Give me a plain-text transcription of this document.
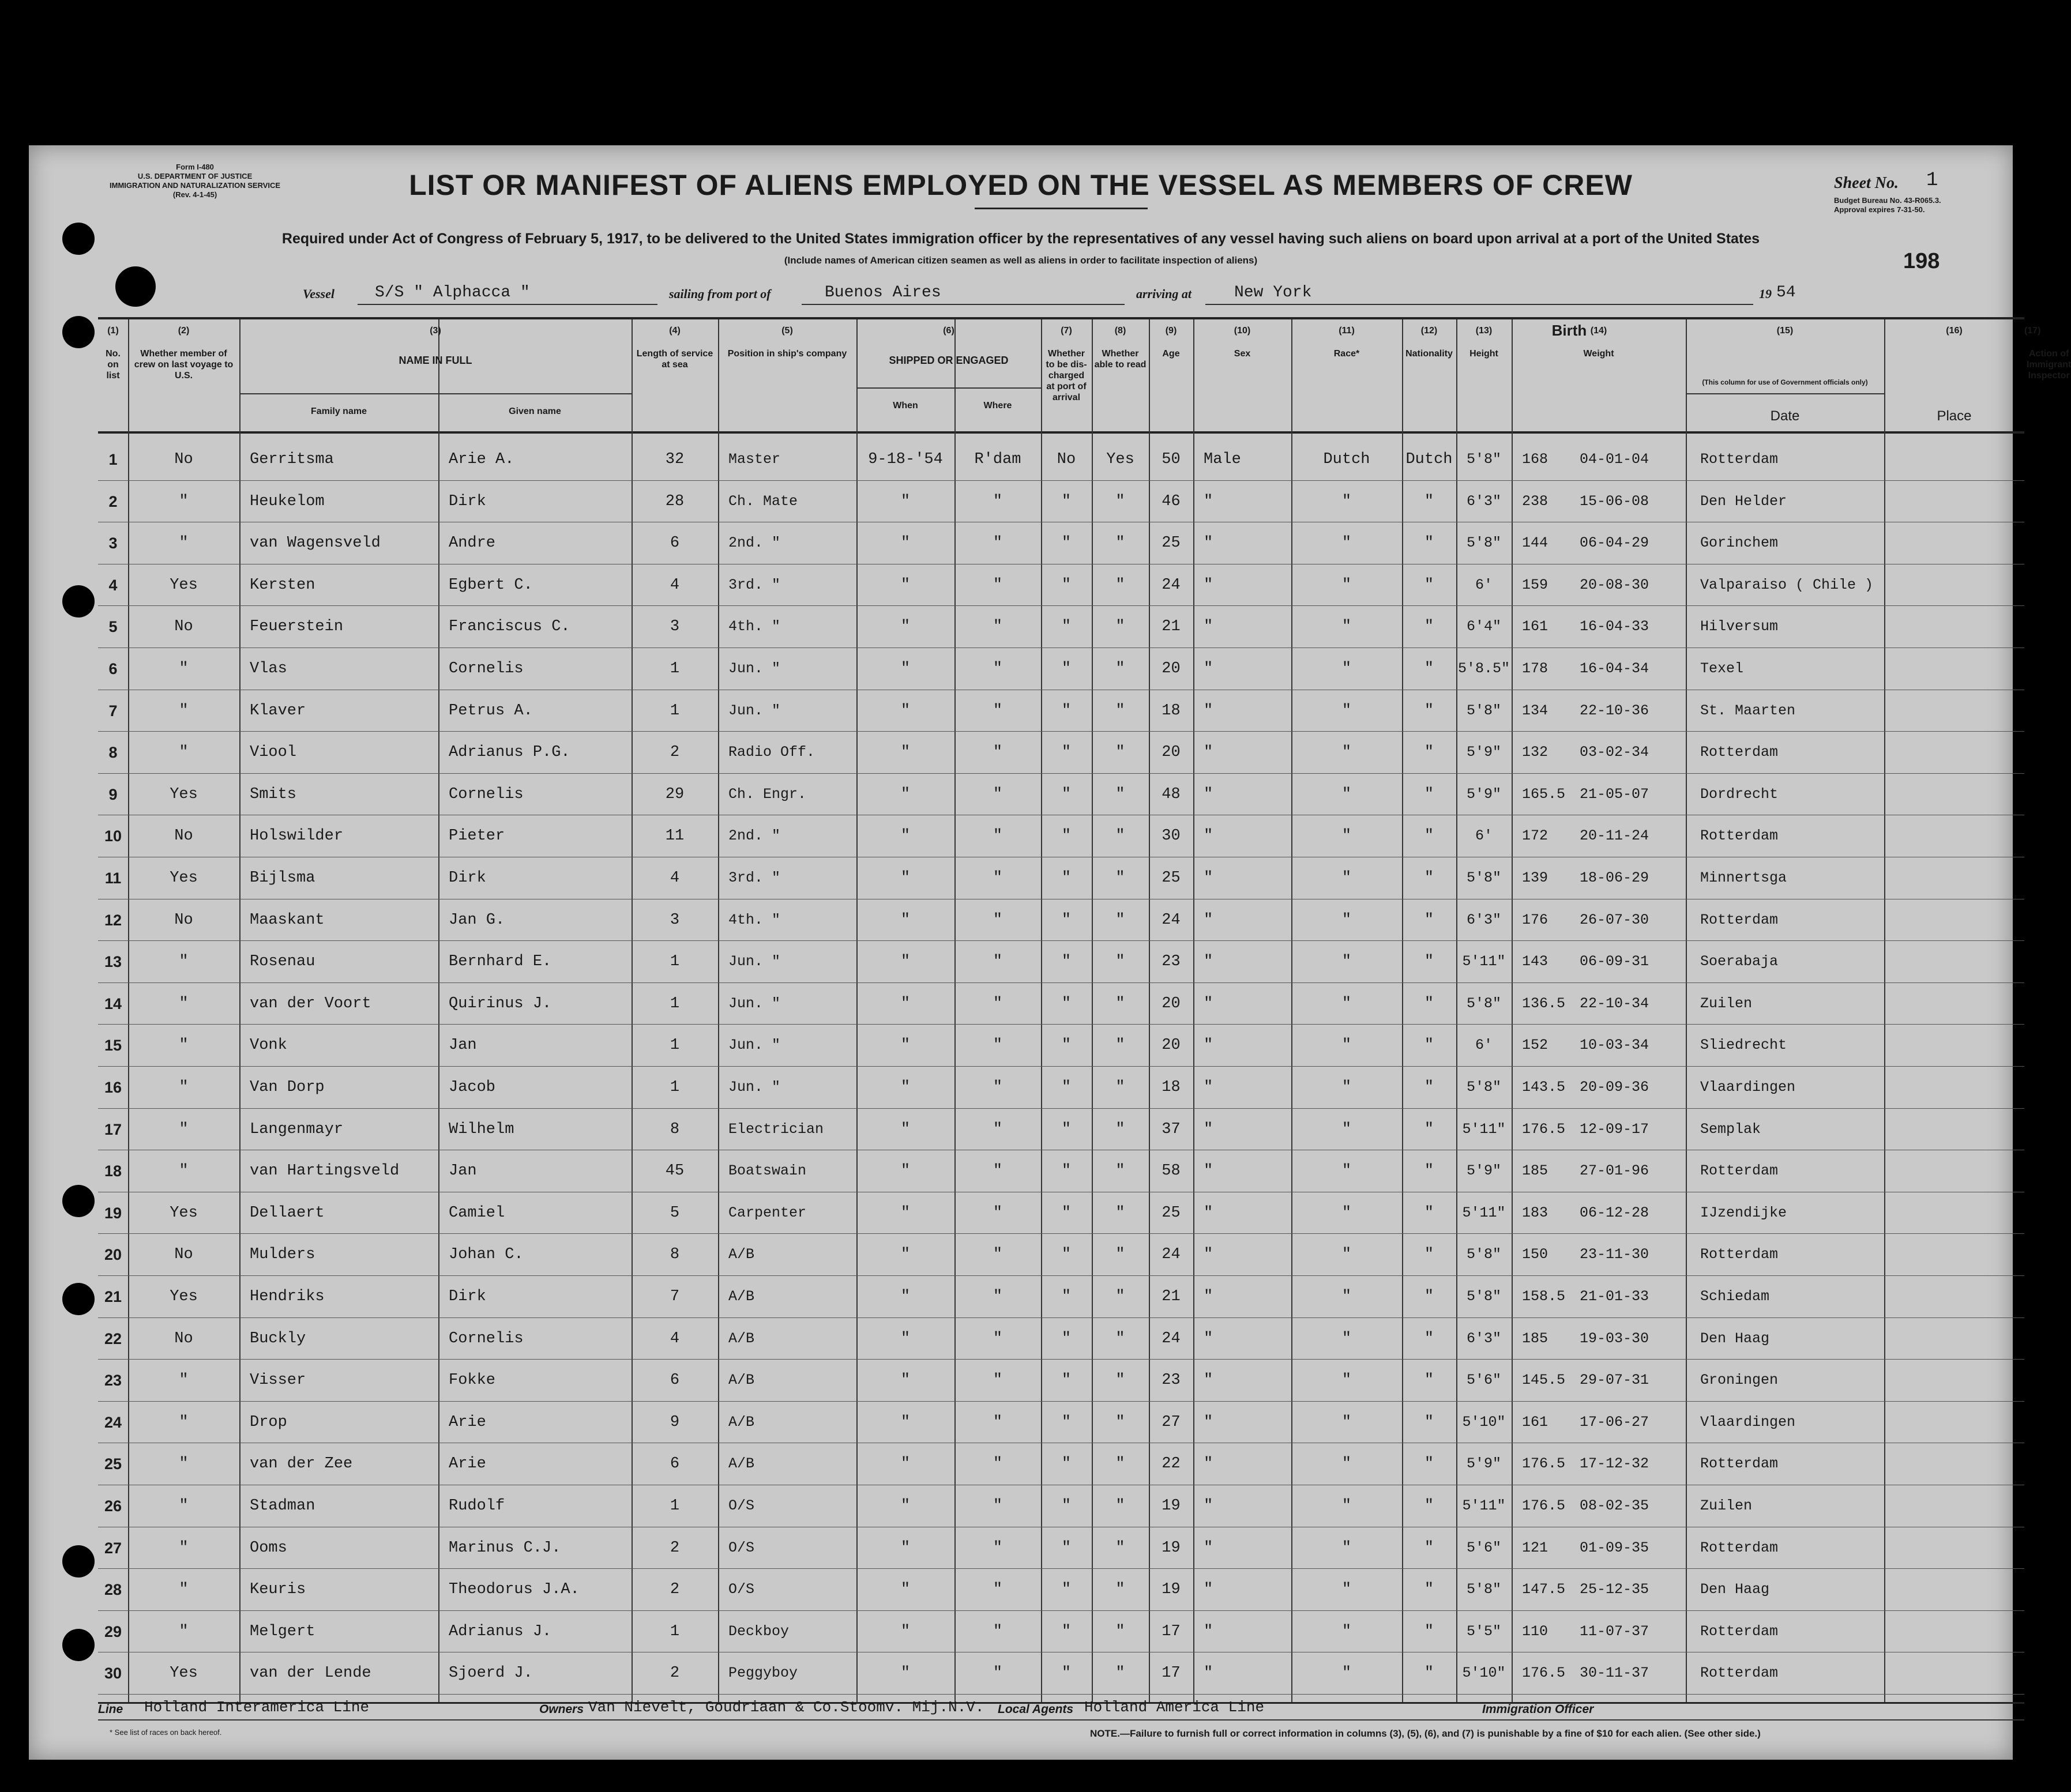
Form I-480
U.S. DEPARTMENT OF JUSTICE
IMMIGRATION AND NATURALIZATION SERVICE
(Rev. 4-1-45)	LIST OR MANIFEST OF ALIENS EMPLOYED ON THE VESSEL AS MEMBERS OF CREW	Sheet No. 1
Budget Bureau No. 43-R065.3.
Approval expires 7-31-50.
198
Required under Act of Congress of February 5, 1917, to be delivered to the United States immigration officer by the representatives of any vessel having such aliens on board upon arrival at a port of the United States
(Include names of American citizen seamen as well as aliens in order to facilitate inspection of aliens)
Vessel	S/S " Alphacca "	sailing from port of	Buenos Aires	arriving at	New York	19 54
(1)
No. on list
(2)
Whether member of crew on last voyage to U.S.
(3)
NAME IN FULL
(4)
Length of service at sea
(5)
Position in ship's company
(6)
SHIPPED OR ENGAGED
(7)
Whether to be dis-charged at port of arrival
(8)
Whether able to read
(9)
Age
(10)
Sex
(11)
Race*
(12)
Nationality
(13)
Height
(14)
Weight
(15)
Date
(16)
Place
(17)
Action of Immigrant Inspector
Family name	Given name
When	Where
(This column for use of Government officials only)
Birth
1	No	Gerritsma	Arie A.	32	Master	9-18-'54	R'dam	No	Yes	50	Male	Dutch	Dutch 5'8"	168	04-01-04	Rotterdam
2	"	Heukelom	Dirk	28	Ch. Mate	"	"	"	"	46	"	"	"	6'3"	238	15-06-08	Den Helder
3	"	van Wagensveld	Andre	6	2nd. "	"	"	"	"	25	"	"	"	5'8"	144	06-04-29	Gorinchem
4	Yes	Kersten	Egbert C.	4	3rd. "	"	"	"	"	24	"	"	"	6'	159	20-08-30	Valparaiso ( Chile )
5	No	Feuerstein	Franciscus C.	3	4th. "	"	"	"	"	21	"	"	"	6'4"	161	16-04-33	Hilversum
6	"	Vlas	Cornelis	1	Jun. "	"	"	"	"	20	"	"	"	5'8.5" 178	16-04-34	Texel
7	"	Klaver	Petrus A.	1	Jun. "	"	"	"	"	18	"	"	"	5'8"	134	22-10-36	St. Maarten
8	"	Viool	Adrianus P.G.	2	Radio Off.	"	"	"	"	20	"	"	"	5'9"	132	03-02-34	Rotterdam
9	Yes	Smits	Cornelis	29	Ch. Engr.	"	"	"	"	48	"	"	"	5'9"	165.5 21-05-07	Dordrecht
10	No	Holswilder	Pieter	11	2nd. "	"	"	"	"	30	"	"	"	6'	172	20-11-24	Rotterdam
11	Yes	Bijlsma	Dirk	4	3rd. "	"	"	"	"	25	"	"	"	5'8"	139	18-06-29	Minnertsga
12	No	Maaskant	Jan G.	3	4th. "	"	"	"	"	24	"	"	"	6'3"	176	26-07-30	Rotterdam
13	"	Rosenau	Bernhard E.	1	Jun. "	"	"	"	"	23	"	"	"	5'11"	143	06-09-31	Soerabaja
14	"	van der Voort	Quirinus J.	1	Jun. "	"	"	"	"	20	"	"	"	5'8"	136.5 22-10-34	Zuilen
15	"	Vonk	Jan	1	Jun. "	"	"	"	"	20	"	"	"	6'	152	10-03-34	Sliedrecht
16	"	Van Dorp	Jacob	1	Jun. "	"	"	"	"	18	"	"	"	5'8"	143.5 20-09-36	Vlaardingen
17	"	Langenmayr	Wilhelm	8	Electrician	"	"	"	"	37	"	"	"	5'11"	176.5 12-09-17	Semplak
18	"	van Hartingsveld	Jan	45	Boatswain	"	"	"	"	58	"	"	"	5'9"	185	27-01-96	Rotterdam
19	Yes	Dellaert	Camiel	5	Carpenter	"	"	"	"	25	"	"	"	5'11"	183	06-12-28	IJzendijke
20	No	Mulders	Johan C.	8	A/B	"	"	"	"	24	"	"	"	5'8"	150	23-11-30	Rotterdam
21	Yes	Hendriks	Dirk	7	A/B	"	"	"	"	21	"	"	"	5'8"	158.5 21-01-33	Schiedam
22	No	Buckly	Cornelis	4	A/B	"	"	"	"	24	"	"	"	6'3"	185	19-03-30	Den Haag
23	"	Visser	Fokke	6	A/B	"	"	"	"	23	"	"	"	5'6"	145.5 29-07-31	Groningen
24	"	Drop	Arie	9	A/B	"	"	"	"	27	"	"	"	5'10"	161	17-06-27	Vlaardingen
25	"	van der Zee	Arie	6	A/B	"	"	"	"	22	"	"	"	5'9"	176.5 17-12-32	Rotterdam
26	"	Stadman	Rudolf	1	O/S	"	"	"	"	19	"	"	"	5'11"	176.5 08-02-35	Zuilen
27	"	Ooms	Marinus C.J.	2	O/S	"	"	"	"	19	"	"	"	5'6"	121	01-09-35	Rotterdam
28	"	Keuris	Theodorus J.A.	2	O/S	"	"	"	"	19	"	"	"	5'8"	147.5 25-12-35	Den Haag
29	"	Melgert	Adrianus J.	1	Deckboy	"	"	"	"	17	"	"	"	5'5"	110	11-07-37	Rotterdam
30	Yes	van der Lende	Sjoerd J.	2	Peggyboy	"	"	"	"	17	"	"	"	5'10"	176.5 30-11-37	Rotterdam
Line Holland Interamerica Line	Owners Van Nievelt, Goudriaan & Co.Stoomv. Mij.N.V. Local Agents Holland America Line	Immigration Officer
* See list of races on back hereof.	NOTE.—Failure to furnish full or correct information in columns (3), (5), (6), and (7) is punishable by a fine of $10 for each alien. (See other side.)
